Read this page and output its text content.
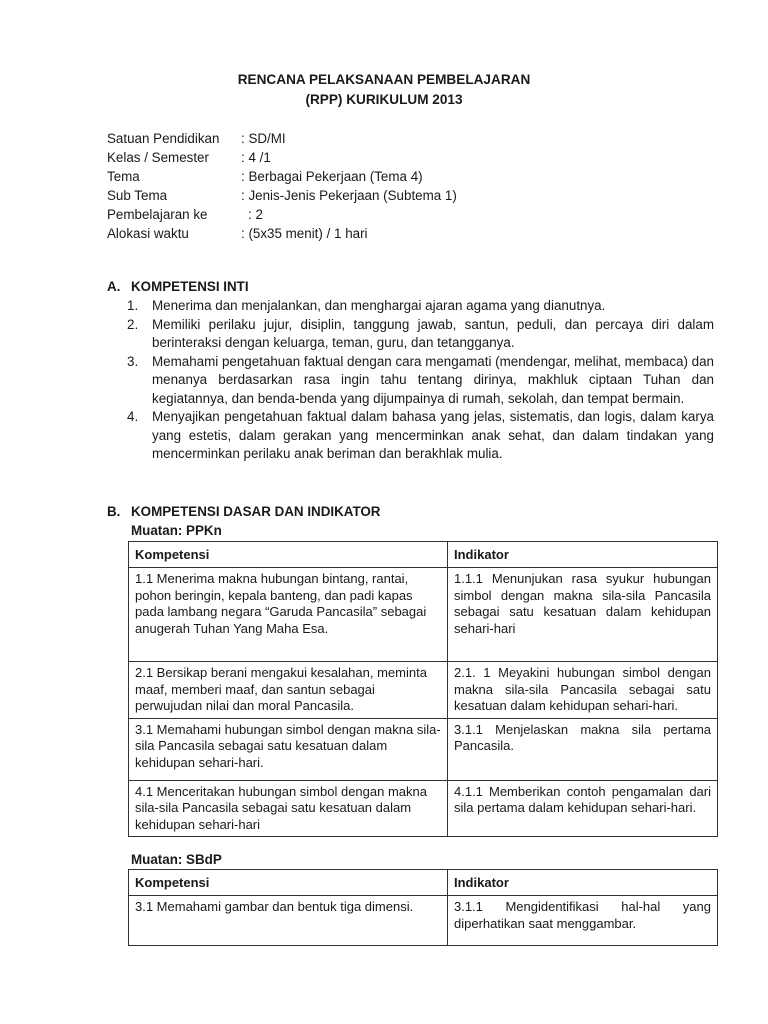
RENCANA PELAKSANAAN PEMBELAJARAN
(RPP) KURIKULUM 2013
Satuan Pendidikan : SD/MI
Kelas / Semester : 4 /1
Tema	: Berbagai Pekerjaan (Tema 4)
Sub Tema	: Jenis-Jenis Pekerjaan (Subtema 1)
Pembelajaran ke	: 2
Alokasi waktu	: (5x35 menit) / 1 hari
A. KOMPETENSI INTI
1. Menerima dan menjalankan, dan menghargai ajaran agama yang dianutnya.
2. Memiliki perilaku jujur, disiplin, tanggung jawab, santun, peduli, dan percaya diri dalam berinteraksi dengan keluarga, teman, guru, dan tetangganya.
3. Memahami pengetahuan faktual dengan cara mengamati (mendengar, melihat, membaca) dan menanya berdasarkan rasa ingin tahu tentang dirinya, makhluk ciptaan Tuhan dan kegiatannya, dan benda-benda yang dijumpainya di rumah, sekolah, dan tempat bermain.
4. Menyajikan pengetahuan faktual dalam bahasa yang jelas, sistematis, dan logis, dalam karya yang estetis, dalam gerakan yang mencerminkan anak sehat, dan dalam tindakan yang mencerminkan perilaku anak beriman dan berakhlak mulia.
B. KOMPETENSI DASAR DAN INDIKATOR
Muatan: PPKn
Kompetensi	Indikator
1.1 Menerima makna hubungan bintang, rantai, pohon beringin, kepala banteng, dan padi kapas pada lambang negara “Garuda Pancasila” sebagai anugerah Tuhan Yang Maha Esa.	1.1.1 Menunjukan rasa syukur hubungan simbol dengan makna sila-sila Pancasila sebagai satu kesatuan dalam kehidupan sehari-hari
2.1 Bersikap berani mengakui kesalahan, meminta maaf, memberi maaf, dan santun sebagai perwujudan nilai dan moral Pancasila.	2.1. 1 Meyakini hubungan simbol dengan makna sila-sila Pancasila sebagai satu kesatuan dalam kehidupan sehari-hari.
3.1 Memahami hubungan simbol dengan makna sila-sila Pancasila sebagai satu kesatuan dalam kehidupan sehari-hari.	3.1.1 Menjelaskan makna sila pertama Pancasila.
4.1 Menceritakan hubungan simbol dengan makna sila-sila Pancasila sebagai satu kesatuan dalam kehidupan sehari-hari	4.1.1 Memberikan contoh pengamalan dari sila pertama dalam kehidupan sehari-hari.
Muatan: SBdP
Kompetensi	Indikator
3.1 Memahami gambar dan bentuk tiga dimensi.	3.1.1 Mengidentifikasi hal-hal yang diperhatikan saat menggambar.
